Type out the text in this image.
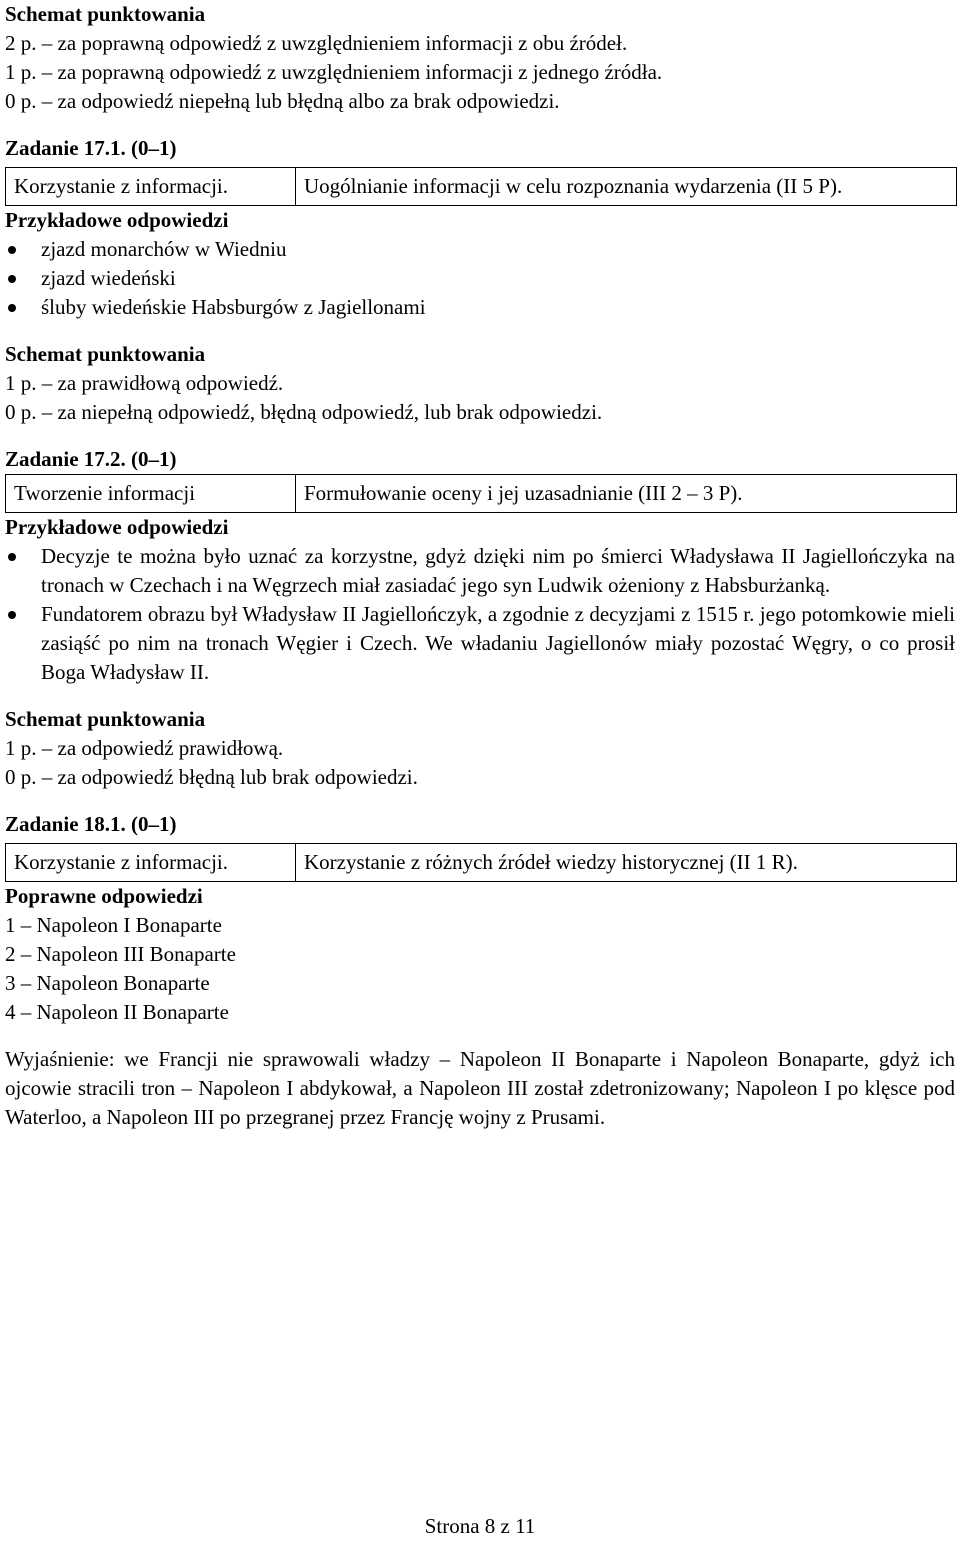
Schemat punktowania
2 p. – za poprawną odpowiedź z uwzględnieniem informacji z obu źródeł.
1 p. – za poprawną odpowiedź z uwzględnieniem informacji z jednego źródła.
0 p. – za odpowiedź niepełną lub błędną albo za brak odpowiedzi.
Zadanie 17.1. (0–1)
Korzystanie z informacji.	Uogólnianie informacji w celu rozpoznania wydarzenia (II 5 P).
Przykładowe odpowiedzi
zjazd monarchów w Wiedniu
zjazd wiedeński
śluby wiedeńskie Habsburgów z Jagiellonami
Schemat punktowania
1 p. – za prawidłową odpowiedź.
0 p. – za niepełną odpowiedź, błędną odpowiedź, lub brak odpowiedzi.
Zadanie 17.2. (0–1)
Tworzenie informacji	Formułowanie oceny i jej uzasadnianie (III 2 – 3 P).
Przykładowe odpowiedzi
Decyzje te można było uznać za korzystne, gdyż dzięki nim po śmierci Władysława II Jagiellończyka na tronach w Czechach i na Węgrzech miał zasiadać jego syn Ludwik ożeniony z Habsburżanką.
Fundatorem obrazu był Władysław II Jagiellończyk, a zgodnie z decyzjami z 1515 r. jego potomkowie mieli zasiąść po nim na tronach Węgier i Czech. We władaniu Jagiellonów miały pozostać Węgry, o co prosił Boga Władysław II.
Schemat punktowania
1 p. – za odpowiedź prawidłową.
0 p. – za odpowiedź błędną lub brak odpowiedzi.
Zadanie 18.1. (0–1)
Korzystanie z informacji.	Korzystanie z różnych źródeł wiedzy historycznej (II 1 R).
Poprawne odpowiedzi
1 – Napoleon I Bonaparte
2 – Napoleon III Bonaparte
3 – Napoleon Bonaparte
4 – Napoleon II Bonaparte
Wyjaśnienie: we Francji nie sprawowali władzy – Napoleon II Bonaparte i Napoleon Bonaparte, gdyż ich ojcowie stracili tron – Napoleon I abdykował, a Napoleon III został zdetronizowany; Napoleon I po klęsce pod Waterloo, a Napoleon III po przegranej przez Francję wojny z Prusami.
Strona 8 z 11
